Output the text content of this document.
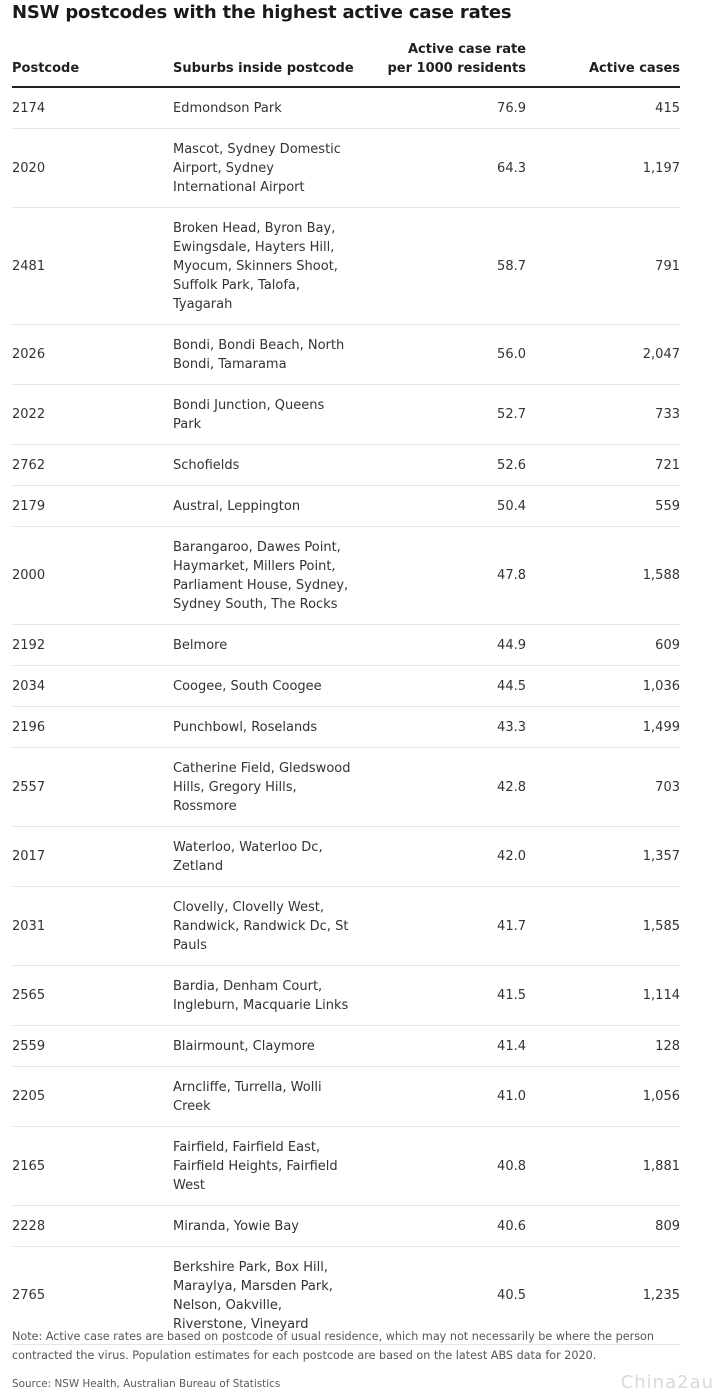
NSW postcodes with the highest active case rates
Postcode	Suburbs inside postcode	Active case rate per 1000 residents	Active cases
2174	Edmondson Park	76.9	415
2020	Mascot, Sydney Domestic Airport, Sydney International Airport	64.3	1,197
2481	Broken Head, Byron Bay, Ewingsdale, Hayters Hill, Myocum, Skinners Shoot, Suffolk Park, Talofa, Tyagarah	58.7	791
2026	Bondi, Bondi Beach, North Bondi, Tamarama	56.0	2,047
2022	Bondi Junction, Queens Park	52.7	733
2762	Schofields	52.6	721
2179	Austral, Leppington	50.4	559
2000	Barangaroo, Dawes Point, Haymarket, Millers Point, Parliament House, Sydney, Sydney South, The Rocks	47.8	1,588
2192	Belmore	44.9	609
2034	Coogee, South Coogee	44.5	1,036
2196	Punchbowl, Roselands	43.3	1,499
2557	Catherine Field, Gledswood Hills, Gregory Hills, Rossmore	42.8	703
2017	Waterloo, Waterloo Dc, Zetland	42.0	1,357
2031	Clovelly, Clovelly West, Randwick, Randwick Dc, St Pauls	41.7	1,585
2565	Bardia, Denham Court, Ingleburn, Macquarie Links	41.5	1,114
2559	Blairmount, Claymore	41.4	128
2205	Arncliffe, Turrella, Wolli Creek	41.0	1,056
2165	Fairfield, Fairfield East, Fairfield Heights, Fairfield West	40.8	1,881
2228	Miranda, Yowie Bay	40.6	809
2765	Berkshire Park, Box Hill, Maraylya, Marsden Park, Nelson, Oakville, Riverstone, Vineyard	40.5	1,235
Note: Active case rates are based on postcode of usual residence, which may not necessarily be where the person contracted the virus. Population estimates for each postcode are based on the latest ABS data for 2020.
Source: NSW Health, Australian Bureau of Statistics	Chinа2au
